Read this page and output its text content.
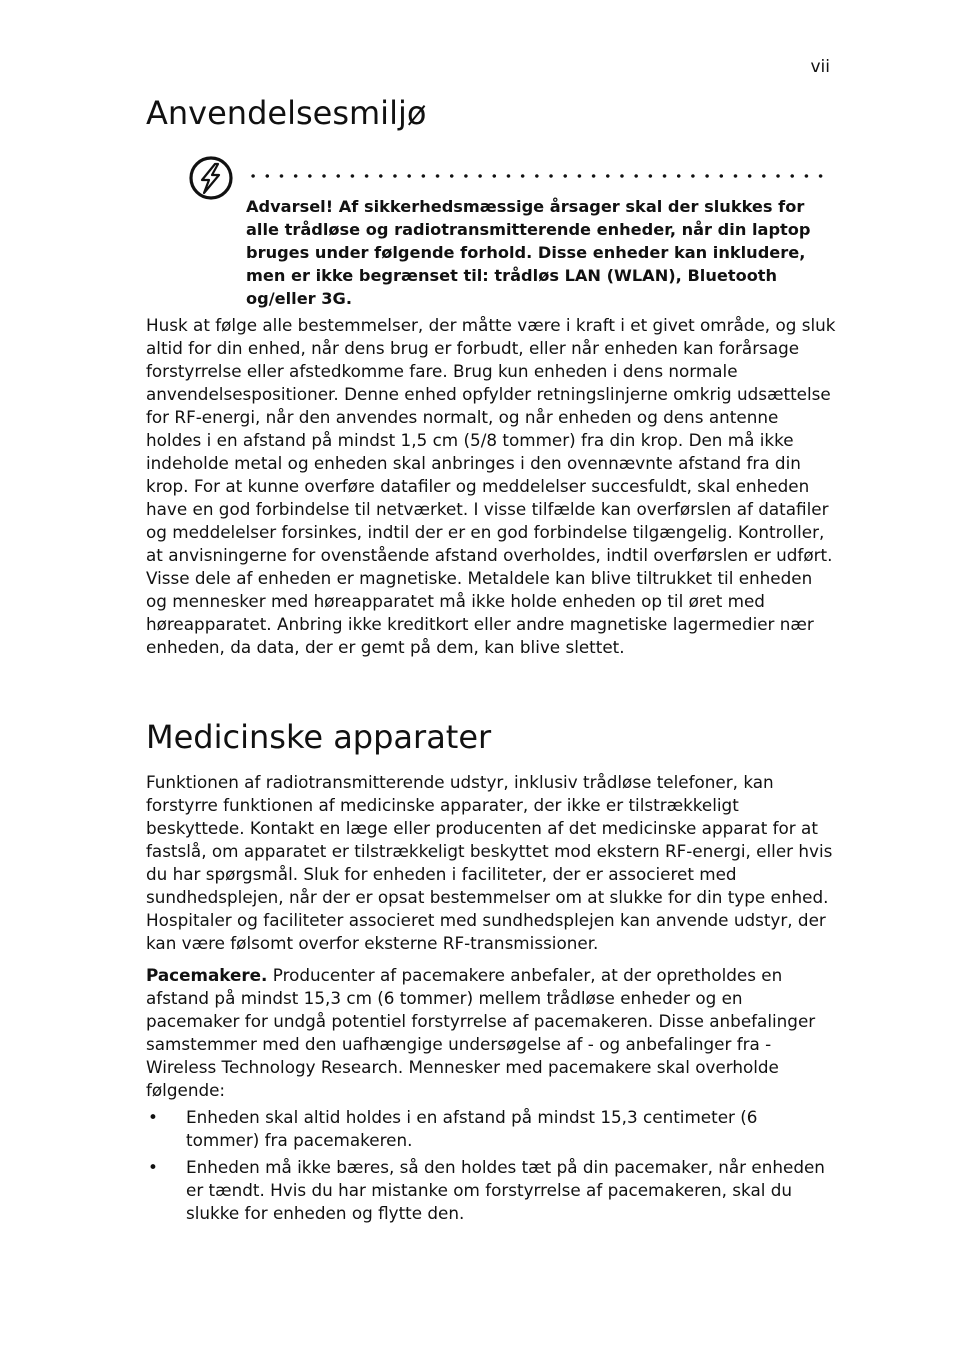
vii
Anvendelsesmiljø

Advarsel! Af sikkerhedsmæssige årsager skal der slukkes for alle trådløse og radiotransmitterende enheder, når din laptop bruges under følgende forhold. Disse enheder kan inkludere, men er ikke begrænset til: trådløs LAN (WLAN), Bluetooth og/eller 3G.

Husk at følge alle bestemmelser, der måtte være i kraft i et givet område, og sluk altid for din enhed, når dens brug er forbudt, eller når enheden kan forårsage forstyrrelse eller afstedkomme fare. Brug kun enheden i dens normale anvendelsespositioner. Denne enhed opfylder retningslinjerne omkrig udsættelse for RF-energi, når den anvendes normalt, og når enheden og dens antenne holdes i en afstand på mindst 1,5 cm (5/8 tommer) fra din krop. Den må ikke indeholde metal og enheden skal anbringes i den ovennævnte afstand fra din krop. For at kunne overføre datafiler og meddelelser succesfuldt, skal enheden have en god forbindelse til netværket. I visse tilfælde kan overførslen af datafiler og meddelelser forsinkes, indtil der er en god forbindelse tilgængelig. Kontroller, at anvisningerne for ovenstående afstand overholdes, indtil overførslen er udført. Visse dele af enheden er magnetiske. Metaldele kan blive tiltrukket til enheden og mennesker med høreapparatet må ikke holde enheden op til øret med høreapparatet. Anbring ikke kreditkort eller andre magnetiske lagermedier nær enheden, da data, der er gemt på dem, kan blive slettet.

Medicinske apparater

Funktionen af radiotransmitterende udstyr, inklusiv trådløse telefoner, kan forstyrre funktionen af medicinske apparater, der ikke er tilstrækkeligt beskyttede. Kontakt en læge eller producenten af det medicinske apparat for at fastslå, om apparatet er tilstrækkeligt beskyttet mod ekstern RF-energi, eller hvis du har spørgsmål. Sluk for enheden i faciliteter, der er associeret med sundhedsplejen, når der er opsat bestemmelser om at slukke for din type enhed. Hospitaler og faciliteter associeret med sundhedsplejen kan anvende udstyr, der kan være følsomt overfor eksterne RF-transmissioner.

Pacemakere. Producenter af pacemakere anbefaler, at der opretholdes en afstand på mindst 15,3 cm (6 tommer) mellem trådløse enheder og en pacemaker for undgå potentiel forstyrrelse af pacemakeren. Disse anbefalinger samstemmer med den uafhængige undersøgelse af - og anbefalinger fra - Wireless Technology Research. Mennesker med pacemakere skal overholde følgende:

• Enheden skal altid holdes i en afstand på mindst 15,3 centimeter (6 tommer) fra pacemakeren.
• Enheden må ikke bæres, så den holdes tæt på din pacemaker, når enheden er tændt. Hvis du har mistanke om forstyrrelse af pacemakeren, skal du slukke for enheden og flytte den.
